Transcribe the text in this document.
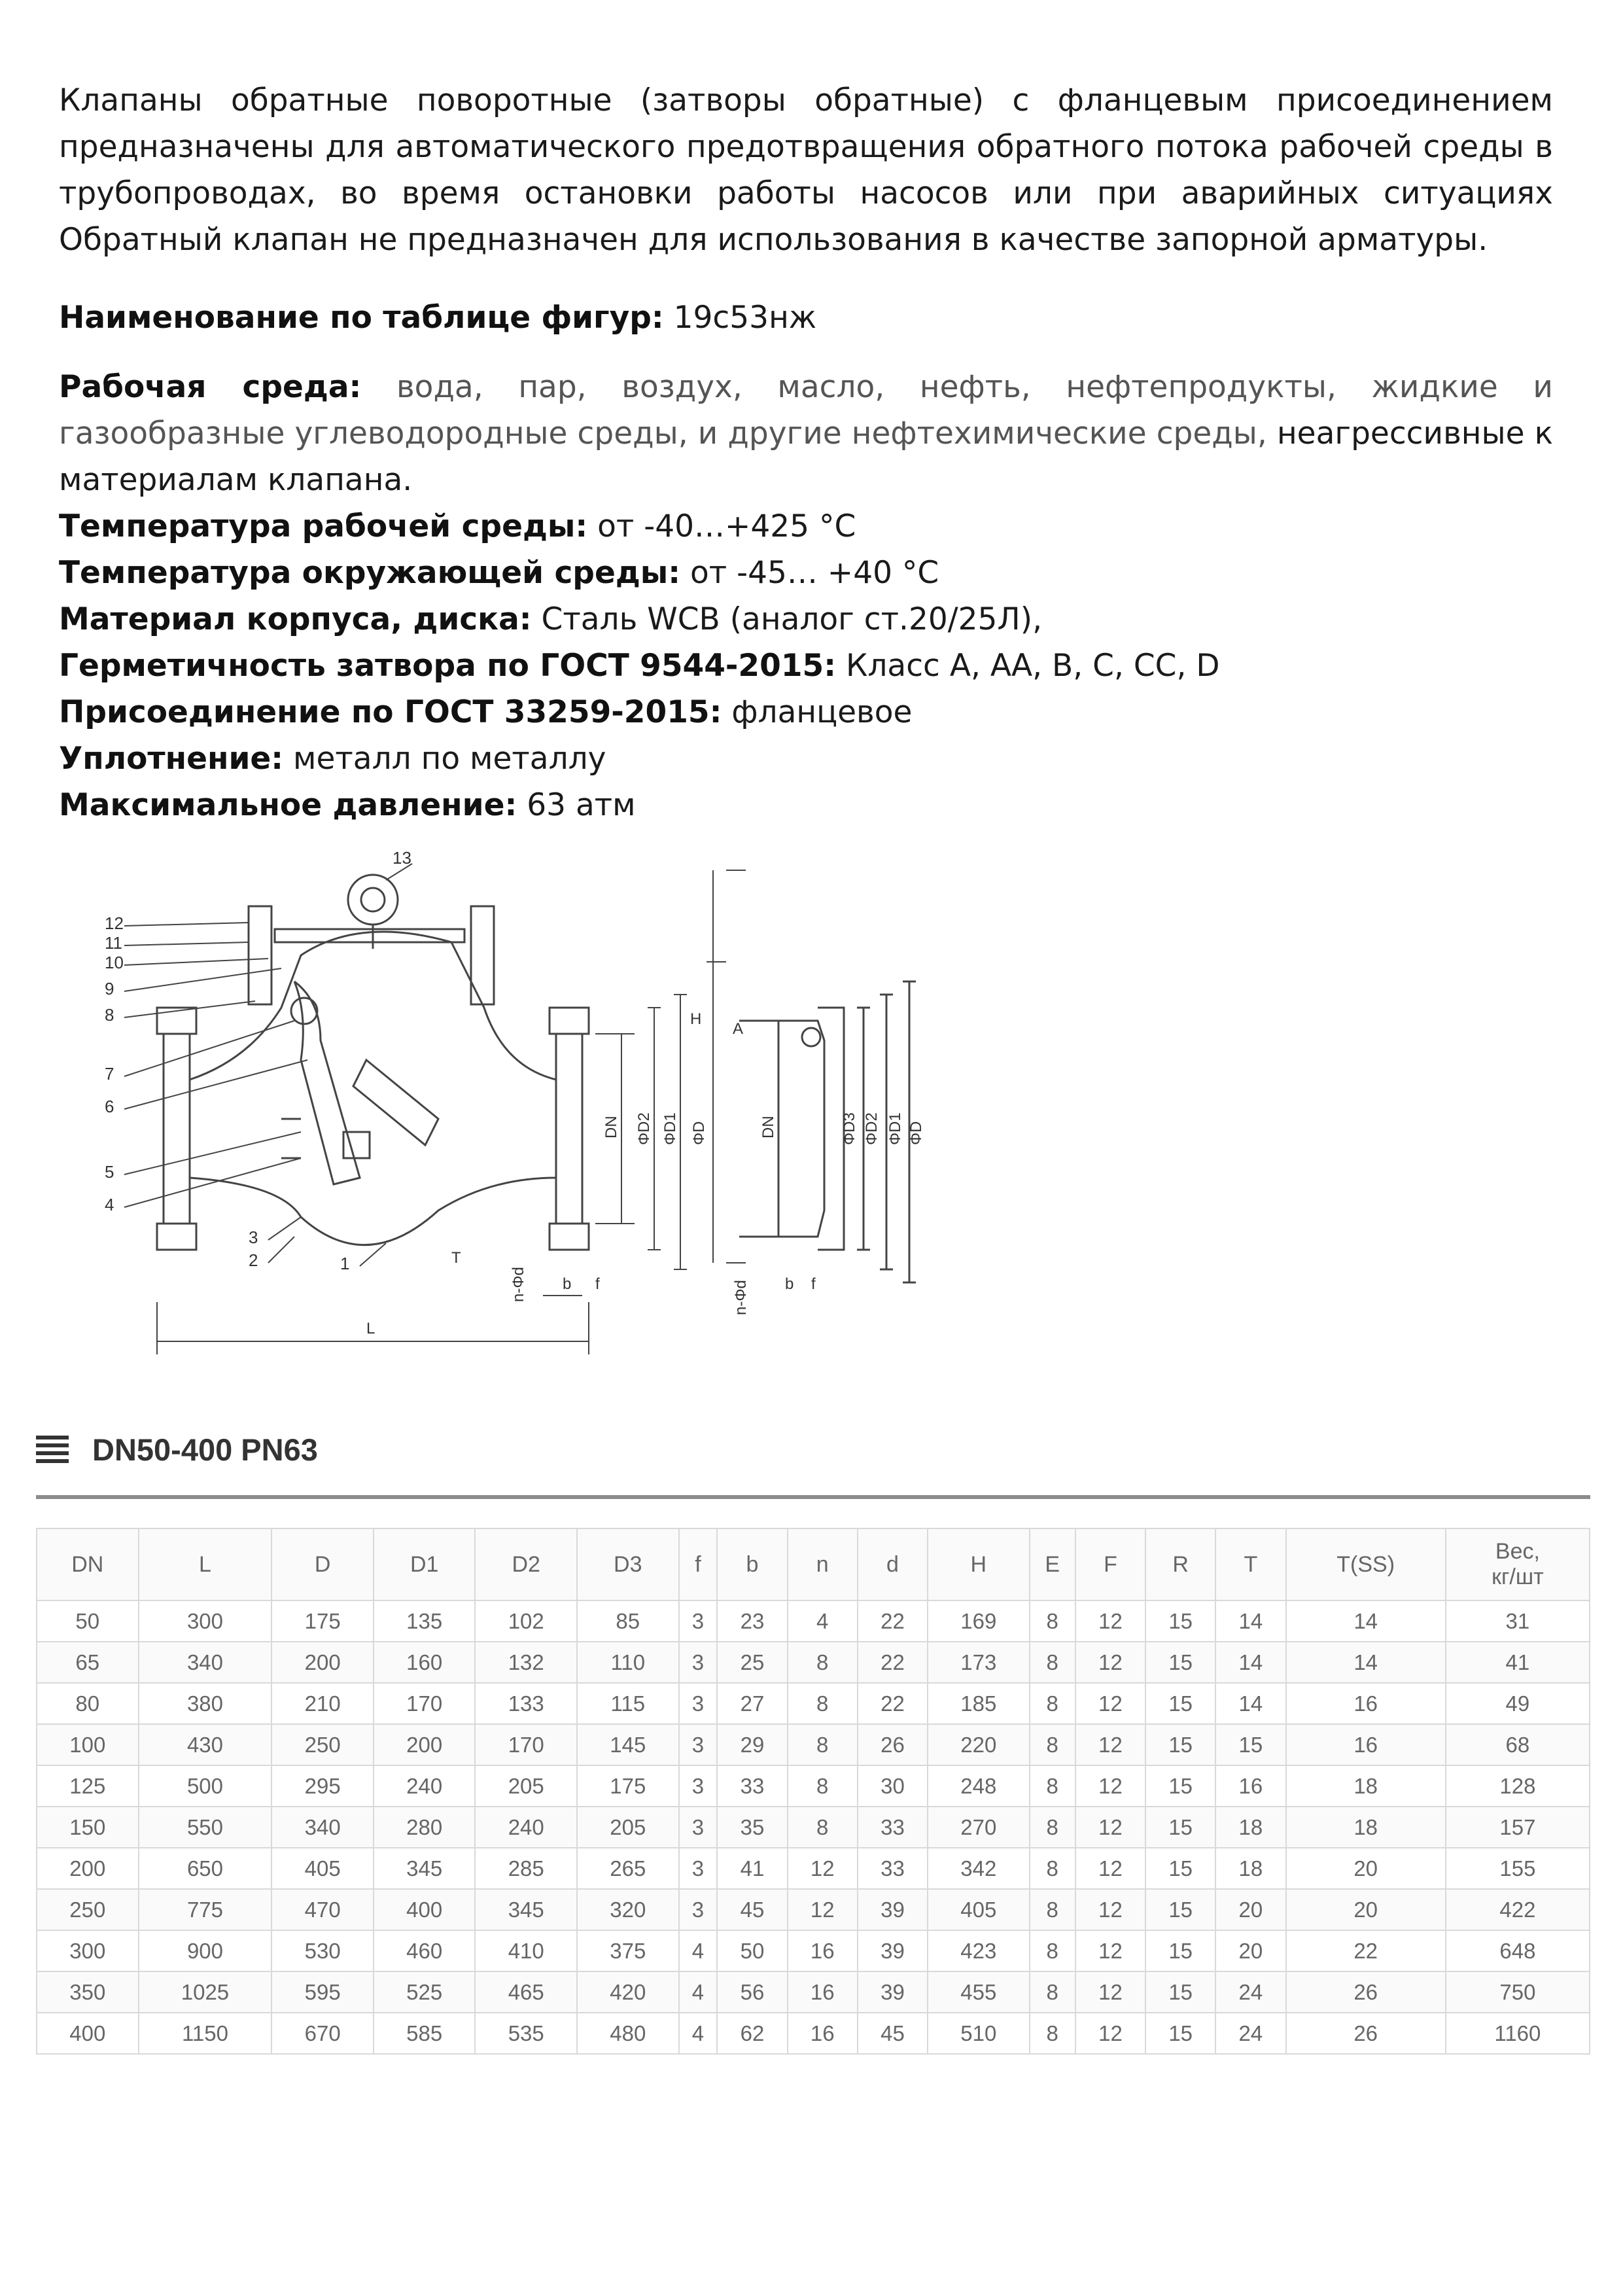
Клапаны обратные поворотные (затворы обратные) с фланцевым присоединением предназначены для автоматического предотвращения обратного потока рабочей среды в трубопроводах, во время остановки работы насосов или при аварийных ситуациях Обратный клапан не предназначен для использования в качестве запорной арматуры.

Наименование по таблице фигур: 19с53нж

Рабочая среда: вода, пар, воздух, масло, нефть, нефтепродукты, жидкие и газообразные углеводородные среды, и другие нефтехимические среды, неагрессивные к материалам клапана.

Температура рабочей среды: от -40…+425 °С
Температура окружающей среды: от -45… +40 °С
Материал корпуса, диска: Сталь WCB (аналог ст.20/25Л),
Герметичность затвора по ГОСТ 9544-2015: Класс А, АА, В, С, СС, D
Присоединение по ГОСТ 33259-2015: фланцевое
Уплотнение: металл по металлу
Максимальное давление: 63 атм
13
12
11
10
9
8
7
6
5
4
3
2	1
DN ΦD2 ΦD1 ΦD
H
L
b f
n-Φd
T
A
DN	ΦD3 ΦD2 ΦD1 ΦD
n-Φd b f
DN50-400 PN63
DN	L	D	D1	D2	D3	f	b	n	d	H	E	F	R	T	T(SS)	Вес,
кг/шт
50	300	175	135	102	85	3	23	4	22	169	8	12	15	14	14	31
65	340	200	160	132	110	3	25	8	22	173	8	12	15	14	14	41
80	380	210	170	133	115	3	27	8	22	185	8	12	15	14	16	49
100	430	250	200	170	145	3	29	8	26	220	8	12	15	15	16	68
125	500	295	240	205	175	3	33	8	30	248	8	12	15	16	18	128
150	550	340	280	240	205	3	35	8	33	270	8	12	15	18	18	157
200	650	405	345	285	265	3	41	12	33	342	8	12	15	18	20	155
250	775	470	400	345	320	3	45	12	39	405	8	12	15	20	20	422
300	900	530	460	410	375	4	50	16	39	423	8	12	15	20	22	648
350	1025	595	525	465	420	4	56	16	39	455	8	12	15	24	26	750
400	1150	670	585	535	480	4	62	16	45	510	8	12	15	24	26	1160
